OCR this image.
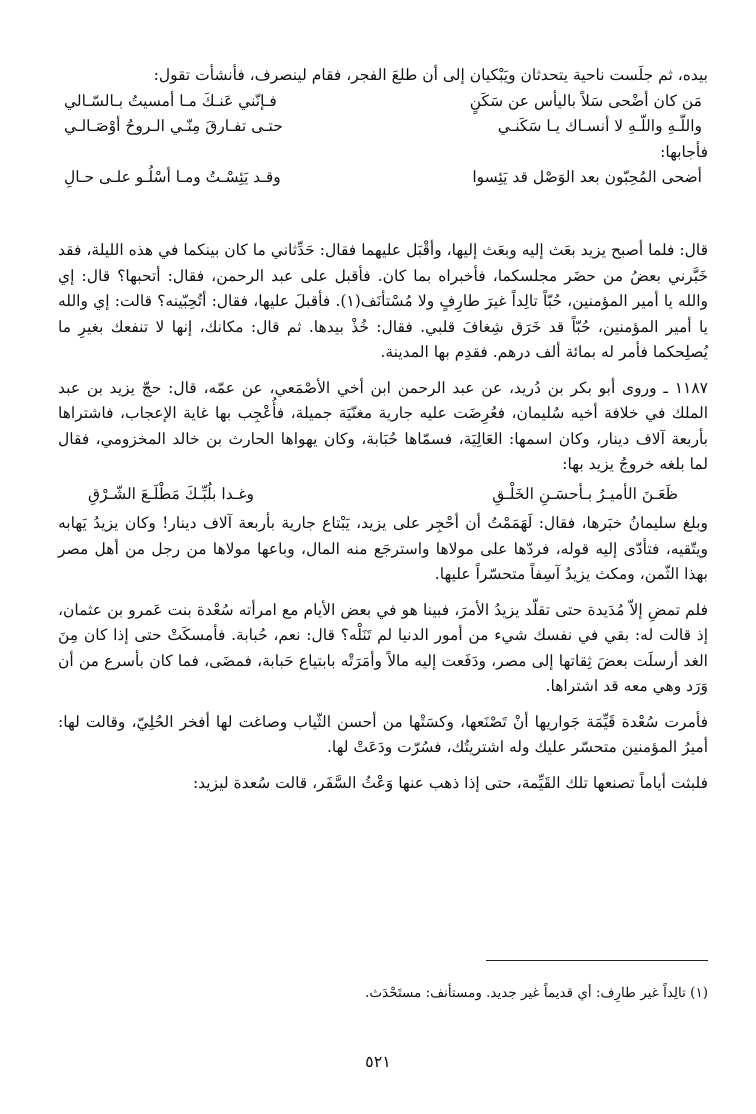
بيده، ثم جلَست ناحية يتحدثان ويَبْكيان إلى أن طلعَ الفجر، فقام لينصرف، فأنشأت تقول:

مَن كان أضْحى سَلاً باليأس عن سَكَنٍ
فـإنّني عَنـكَ مـا أمسيتُ بـالسّـالي
واللّـهِ واللّـهِ لا أنسـاك يـا سَكَنـي
حتـى تفـارقَ مِنّـي الـروحُ أوْصَـالـي

فأجابها:

أضحى المُحِبّون بعد الوَصْل قد يَئِسوا
وقـد يَئِسْـتُ ومـا أسْلُـو علـى حـالِ

قال: فلما أصبح يزيد بعَث إليه وبعَث إليها، وأقْبَل عليهما فقال: حَدِّثاني ما كان بينكما في هذه الليلة، فقد خَبَّرني بعضُ من حضَر مجلسكما، فأخبراه بما كان. فأقبل على عبد الرحمن، فقال: أتحبها؟ قال: إي والله يا أمير المؤمنين، حُبّاً تالِداً غيرَ طارِفٍ ولا مُسْتأنَف(١). فأقبلَ عليها، فقال: أتُحِبّينه؟ قالت: إي والله يا أمير المؤمنين، حُبّاً قد خَرَق شِغافَ قلبي. فقال: خُذْ بيدها. ثم قال: مكانك، إنها لا تنفعك بغيرِ ما يُصلِحكما فأمر له بمائة ألف درهم. فقدِم بها المدينة.

١١٨٧ ـ وروى أبو بكر بن دُريد، عن عبد الرحمن ابن أخي الأصْمَعي، عن عمّه، قال: حجّ يزيد بن عبد الملك في خلافة أخيه سُليمان، فعُرِضَت عليه جارية مغنّيَة جميلة، فأُعْجِب بها غاية الإعجاب، فاشتراها بأربعة آلاف دينار، وكان اسمها: العَالِيَة، فسمّاها حُبَابة، وكان يهواها الحارث بن خالد المخزومي، فقال لما بلغه خروجُ يزيد بها:

ظَعَـنَ الأميـرُ بـأحسَـنِ الخَلْـقِ
وغـدا بلُبِّـكَ مَطْلَـعَ الشّـرْقِ

وبلغ سليمانُ خبَرها، فقال: لَهَمَمْتُ أن أحْجِر على يزيد، يَبْتاع جارية بأربعة آلاف دينار! وكان يزيدُ يَهابه ويتّقيه، فتأدّى إليه قوله، فردّها على مولاها واسترجَع منه المال، وباعها مولاها من رجل من أهل مصر بهذا الثّمن، ومكث يزيدُ آسِفاً متحسّراً عليها.

فلم تمضِ إلاّ مُدَيدة حتى تقلّد يزيدُ الأمرَ، فبينا هو في بعض الأيام مع امرأته سُعْدة بنت عَمرو بن عثمان، إذ قالت له: بقي في نفسك شيء من أمور الدنيا لم تَنَلْه؟ قال: نعم، حُبابة. فأمسكَتْ حتى إذا كان مِنَ الغد أرسلَت بعضَ ثِقاتها إلى مصر، ودَفَعت إليه مالاً وأمَرَتْه بابتياع حَبابة، فمضَى، فما كان بأسرع من أن وَرَد وهي معه قد اشتراها.

فأمرت سُعْدة قَيِّمَة جَواريها أنْ تَصْنَعها، وكسَتْها من أحسن الثّياب وصاغت لها أفخر الحُلِيّ، وقالت لها: أميرُ المؤمنين متحسّر عليك وله اشتريتُك، فسُرّت ودَعَتْ لها.

فلبثت أياماً تصنعها تلك القَيِّمة، حتى إذا ذهب عنها وَعْثُ السَّفَر، قالت سُعدة ليزيد:

(١) تالِداً غير طارِف: أي قديماً غير جديد. ومستأنف: مستَحْدَث.

٥٢١
